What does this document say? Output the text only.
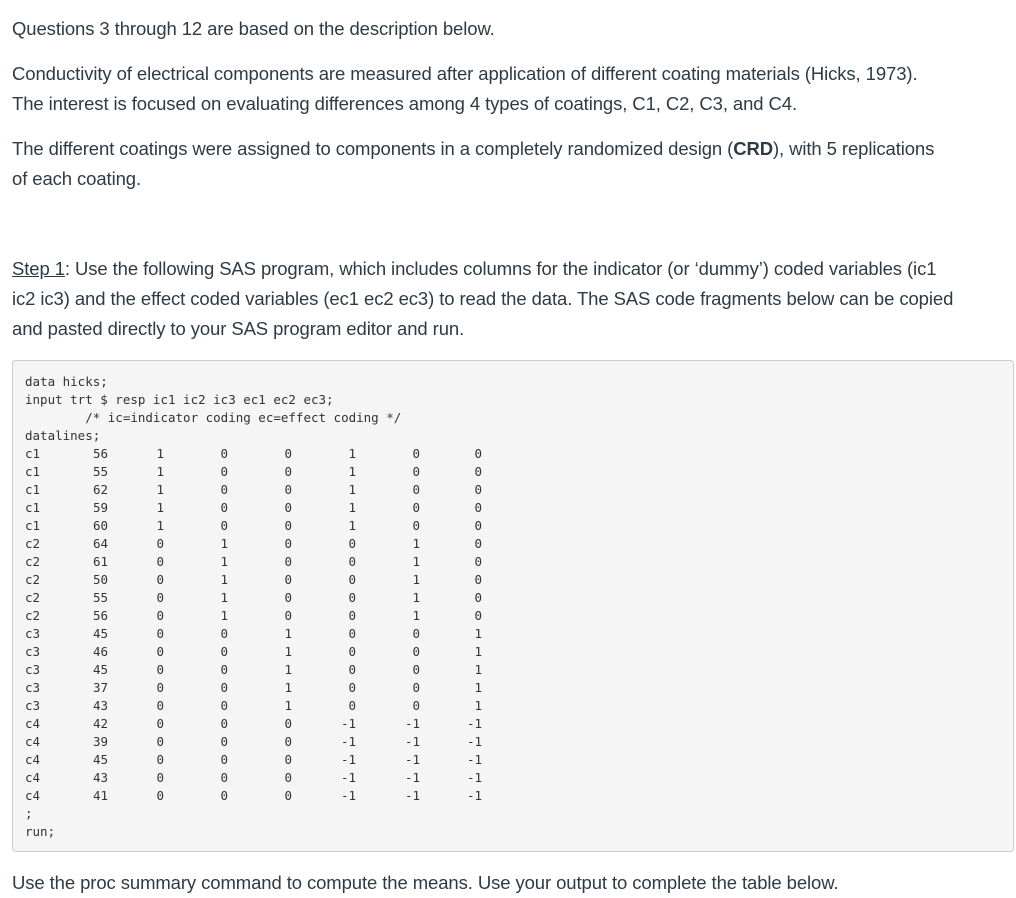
Questions 3 through 12 are based on the description below.

Conductivity of electrical components are measured after application of different coating materials (Hicks, 1973).

The interest is focused on evaluating differences among 4 types of coatings, C1, C2, C3, and C4.

The different coatings were assigned to components in a completely randomized design (CRD), with 5 replications

of each coating.

Step 1: Use the following SAS program, which includes columns for the indicator (or ‘dummy’) coded variables (ic1

ic2 ic3) and the effect coded variables (ec1 ec2 ec3) to read the data. The SAS code fragments below can be copied

and pasted directly to your SAS program editor and run.

data hicks;
input trt $ resp ic1 ic2 ic3 ec1 ec2 ec3;
/* ic=indicator coding ec=effect coding */
datalines;
c1	56	1	0	0	1	0	0
c1	55	1	0	0	1	0	0
c1	62	1	0	0	1	0	0
c1	59	1	0	0	1	0	0
c1	60	1	0	0	1	0	0
c2	64	0	1	0	0	1	0
c2	61	0	1	0	0	1	0
c2	50	0	1	0	0	1	0
c2	55	0	1	0	0	1	0
c2	56	0	1	0	0	1	0
c3	45	0	0	1	0	0	1
c3	46	0	0	1	0	0	1
c3	45	0	0	1	0	0	1
c3	37	0	0	1	0	0	1
c3	43	0	0	1	0	0	1
c4	42	0	0	0	-1	-1	-1
c4	39	0	0	0	-1	-1	-1
c4	45	0	0	0	-1	-1	-1
c4	43	0	0	0	-1	-1	-1
c4	41	0	0	0	-1	-1	-1
;
run;

Use the proc summary command to compute the means. Use your output to complete the table below.
